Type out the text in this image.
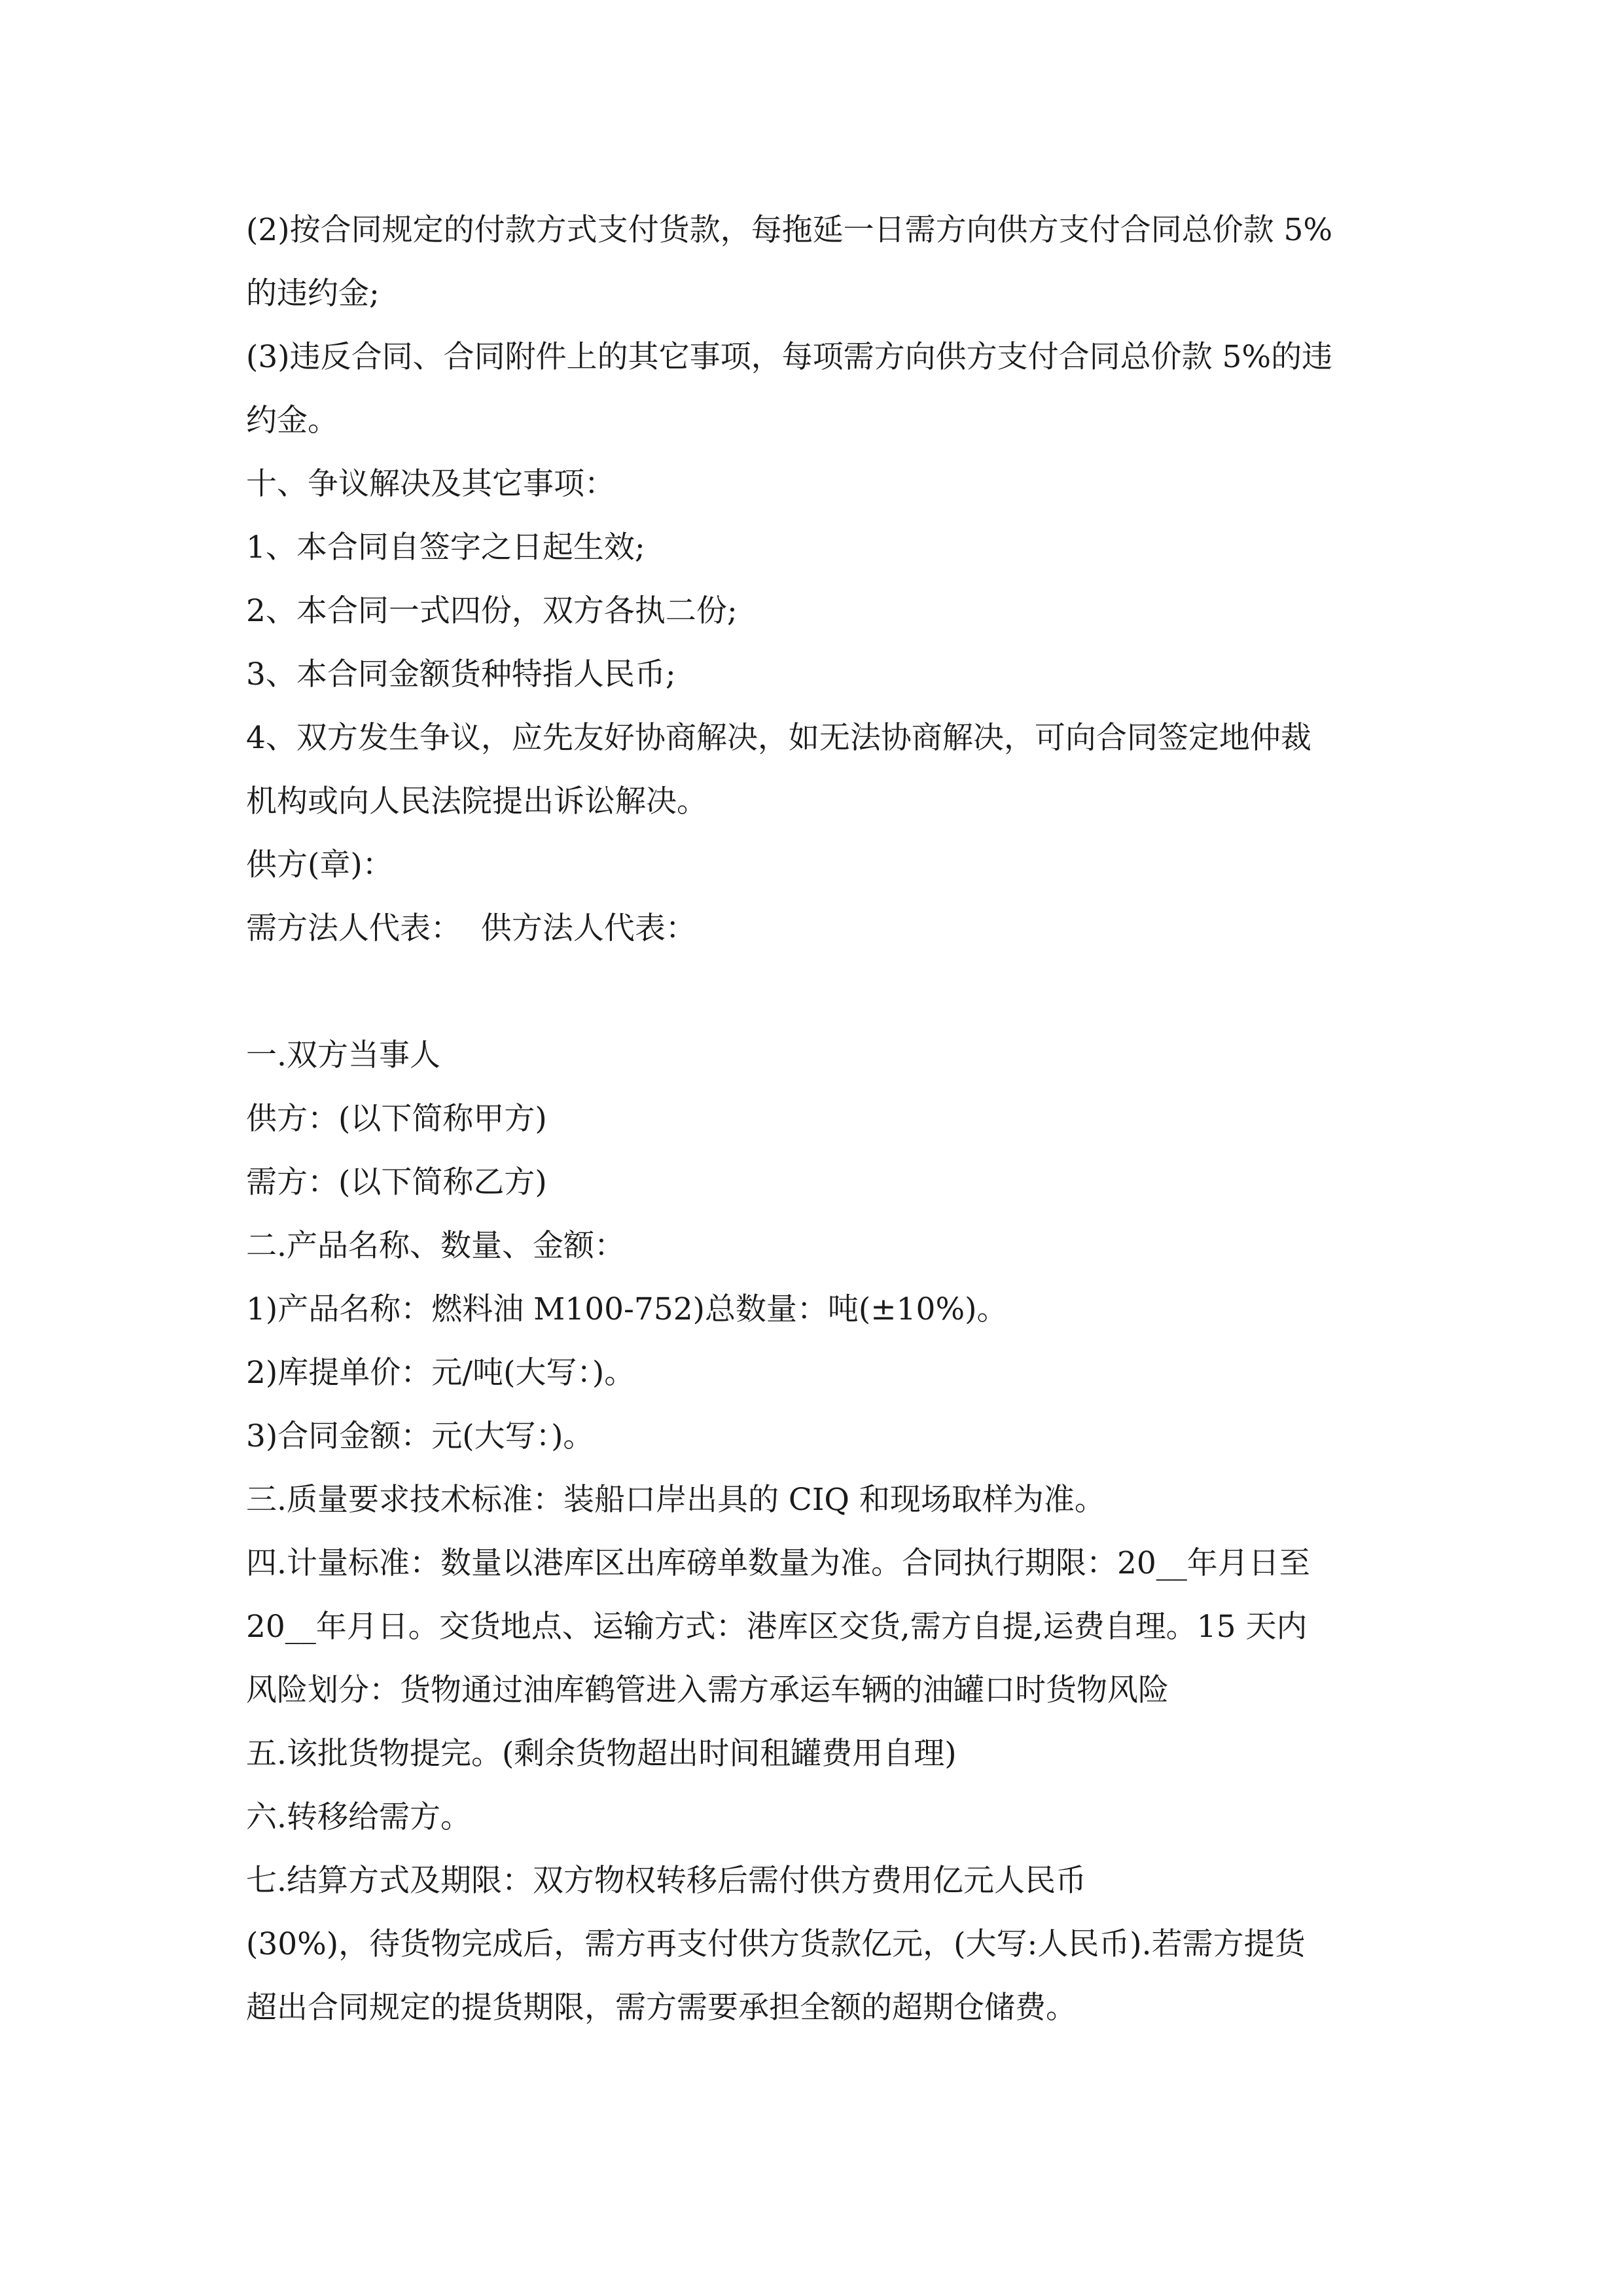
(2)按合同规定的付款方式支付货款，每拖延一日需方向供方支付合同总价款 5%
的违约金;
(3)违反合同、合同附件上的其它事项，每项需方向供方支付合同总价款 5%的违
约金。
十、争议解决及其它事项：
1、本合同自签字之日起生效;
2、本合同一式四份，双方各执二份;
3、本合同金额货种特指人民币;
4、双方发生争议，应先友好协商解决，如无法协商解决，可向合同签定地仲裁
机构或向人民法院提出诉讼解决。
供方(章)：
需方法人代表：  供方法人代表：
一.双方当事人
供方：(以下简称甲方)
需方：(以下简称乙方)
二.产品名称、数量、金额：
1)产品名称：燃料油 M100-752)总数量：吨(±10%)。
2)库提单价：元/吨(大写：)。
3)合同金额：元(大写：)。
三.质量要求技术标准：装船口岸出具的 CIQ 和现场取样为准。
四.计量标准：数量以港库区出库磅单数量为准。合同执行期限：20__年月日至
20__年月日。交货地点、运输方式：港库区交货,需方自提,运费自理。15 天内
风险划分：货物通过油库鹤管进入需方承运车辆的油罐口时货物风险
五.该批货物提完。(剩余货物超出时间租罐费用自理)
六.转移给需方。
七.结算方式及期限：双方物权转移后需付供方费用亿元人民币
(30%)，待货物完成后，需方再支付供方货款亿元，(大写:人民币).若需方提货
超出合同规定的提货期限，需方需要承担全额的超期仓储费。
